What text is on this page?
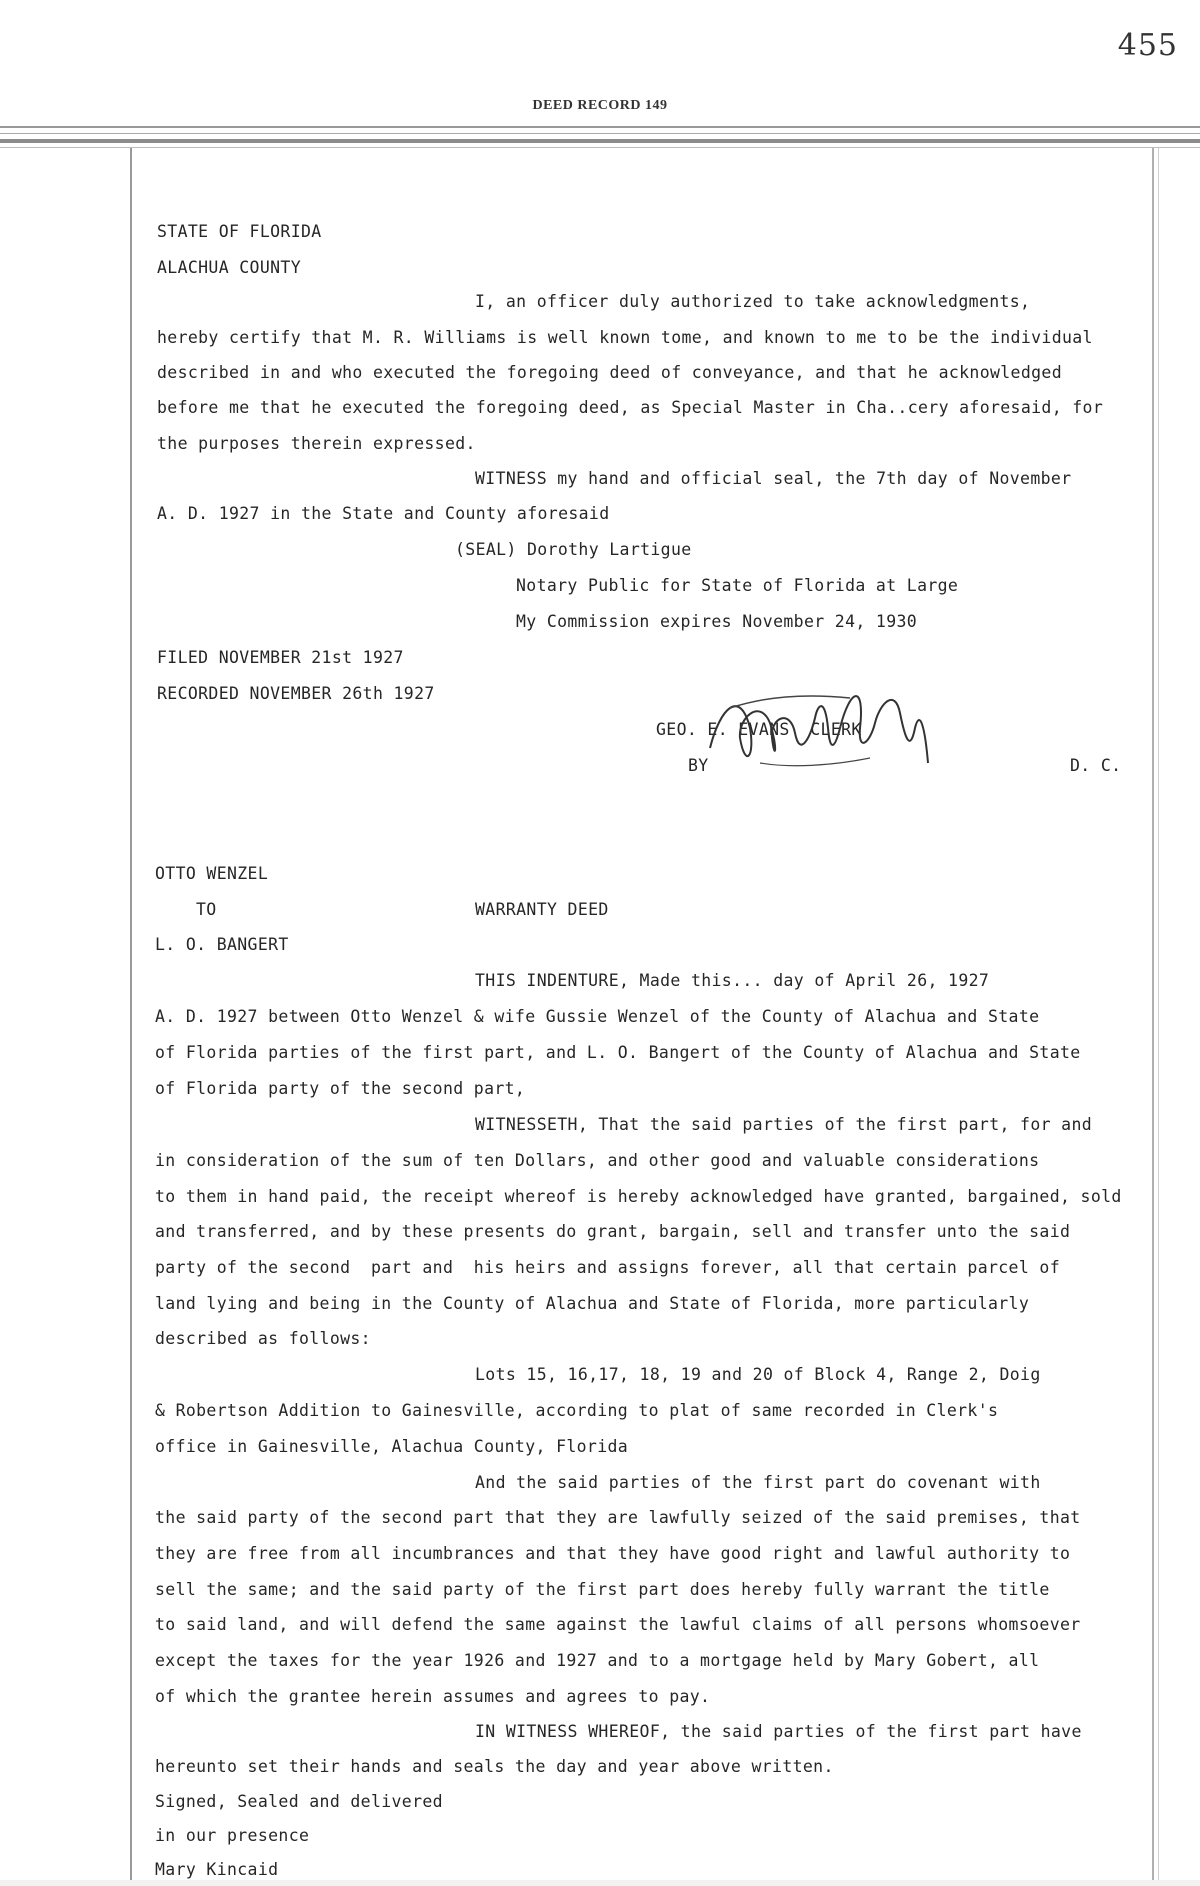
455
DEED RECORD 149
STATE OF FLORIDA
ALACHUA COUNTY
I, an officer duly authorized to take acknowledgments,
hereby certify that M. R. Williams is well known tome, and known to me to be the individual
described in and who executed the foregoing deed of conveyance, and that he acknowledged
before me that he executed the foregoing deed, as Special Master in Cha..cery aforesaid, for
the purposes therein expressed.
WITNESS my hand and official seal, the 7th day of November
A. D. 1927 in the State and County aforesaid
(SEAL) Dorothy Lartigue
Notary Public for State of Florida at Large
My Commission expires November 24, 1930
FILED NOVEMBER 21st 1927
RECORDED NOVEMBER 26th 1927
GEO. E. EVANS  CLERK
BY	D. C.
OTTO WENZEL
TO	WARRANTY DEED
L. O. BANGERT
THIS INDENTURE, Made this... day of April 26, 1927
A. D. 1927 between Otto Wenzel & wife Gussie Wenzel of the County of Alachua and State
of Florida parties of the first part, and L. O. Bangert of the County of Alachua and State
of Florida party of the second part,
WITNESSETH, That the said parties of the first part, for and
in consideration of the sum of ten Dollars, and other good and valuable considerations
to them in hand paid, the receipt whereof is hereby acknowledged have granted, bargained, sold
and transferred, and by these presents do grant, bargain, sell and transfer unto the said
party of the second  part and  his heirs and assigns forever, all that certain parcel of
land lying and being in the County of Alachua and State of Florida, more particularly
described as follows:
Lots 15, 16,17, 18, 19 and 20 of Block 4, Range 2, Doig
& Robertson Addition to Gainesville, according to plat of same recorded in Clerk's
office in Gainesville, Alachua County, Florida
And the said parties of the first part do covenant with
the said party of the second part that they are lawfully seized of the said premises, that
they are free from all incumbrances and that they have good right and lawful authority to
sell the same; and the said party of the first part does hereby fully warrant the title
to said land, and will defend the same against the lawful claims of all persons whomsoever
except the taxes for the year 1926 and 1927 and to a mortgage held by Mary Gobert, all
of which the grantee herein assumes and agrees to pay.
IN WITNESS WHEREOF, the said parties of the first part have
hereunto set their hands and seals the day and year above written.
Signed, Sealed and delivered
in our presence
Mary Kincaid
